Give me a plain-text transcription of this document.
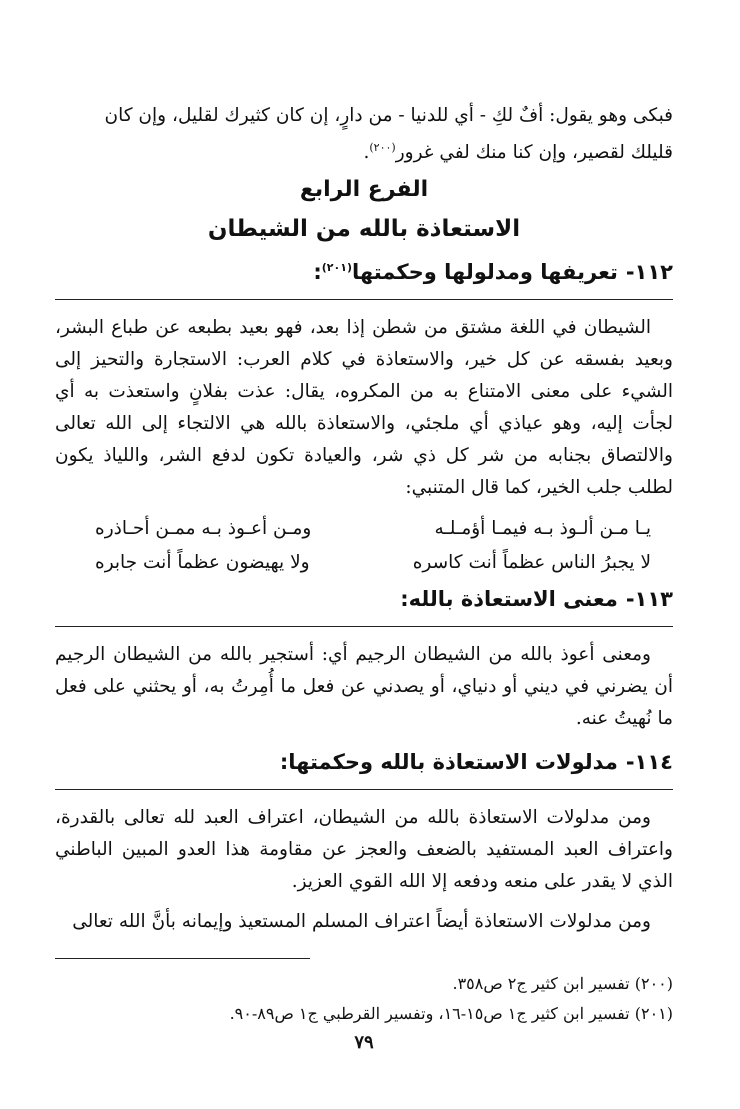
فبكى وهو يقول: أفٌ لكِ - أي للدنيا - من دارٍ، إن كان كثيرك لقليل، وإن كان
قليلك لقصير، وإن كنا منك لفي غرور$^{(٢٠٠)}$.

الفرع الرابع

الاستعاذة بالله من الشيطان

١١٢-تعريفها ومدلولها وحكمتها$^{(٢٠١)}$:

الشيطان في اللغة مشتق من شطن إذا بعد، فهو بعيد بطبعه عن طباع البشر، وبعيد بفسقه عن كل خير، والاستعاذة في كلام العرب: الاستجارة والتحيز إلى الشيء على معنى الامتناع به من المكروه، يقال: عذت بفلانٍ واستعذت به أي لجأت إليه، وهو عياذي أي ملجئي، والاستعاذة بالله هي الالتجاء إلى الله تعالى والالتصاق بجنابه من شر كل ذي شر، والعيادة تكون لدفع الشر، واللياذ يكون لطلب جلب الخير، كما قال المتنبي:

يـا مـن ألـوذ بـه فيمـا أؤمـلـه
ومـن أعـوذ بـه ممـن أحـاذره
لا يجبرُ الناس عظماً أنت كاسره
ولا يهيضون عظماً أنت جابره

١١٣-معنى الاستعاذة بالله:

ومعنى أعوذ بالله من الشيطان الرجيم أي: أستجير بالله من الشيطان الرجيم أن يضرني في ديني أو دنياي، أو يصدني عن فعل ما أُمِرتُ به، أو يحثني على فعل ما نُهيتُ عنه.

١١٤-مدلولات الاستعاذة بالله وحكمتها:

ومن مدلولات الاستعاذة بالله من الشيطان، اعتراف العبد لله تعالى بالقدرة، واعتراف العبد المستفيد بالضعف والعجز عن مقاومة هذا العدو المبين الباطني الذي لا يقدر على منعه ودفعه إلا الله القوي العزيز.

ومن مدلولات الاستعاذة أيضاً اعتراف المسلم المستعيذ وإيمانه بأنَّ الله تعالى

(٢٠٠) تفسير ابن كثير ج٢ ص٣٥٨.

(٢٠١) تفسير ابن كثير ج١ ص١٥-١٦، وتفسير القرطبي ج١ ص٨٩-٩٠.

٧٩
